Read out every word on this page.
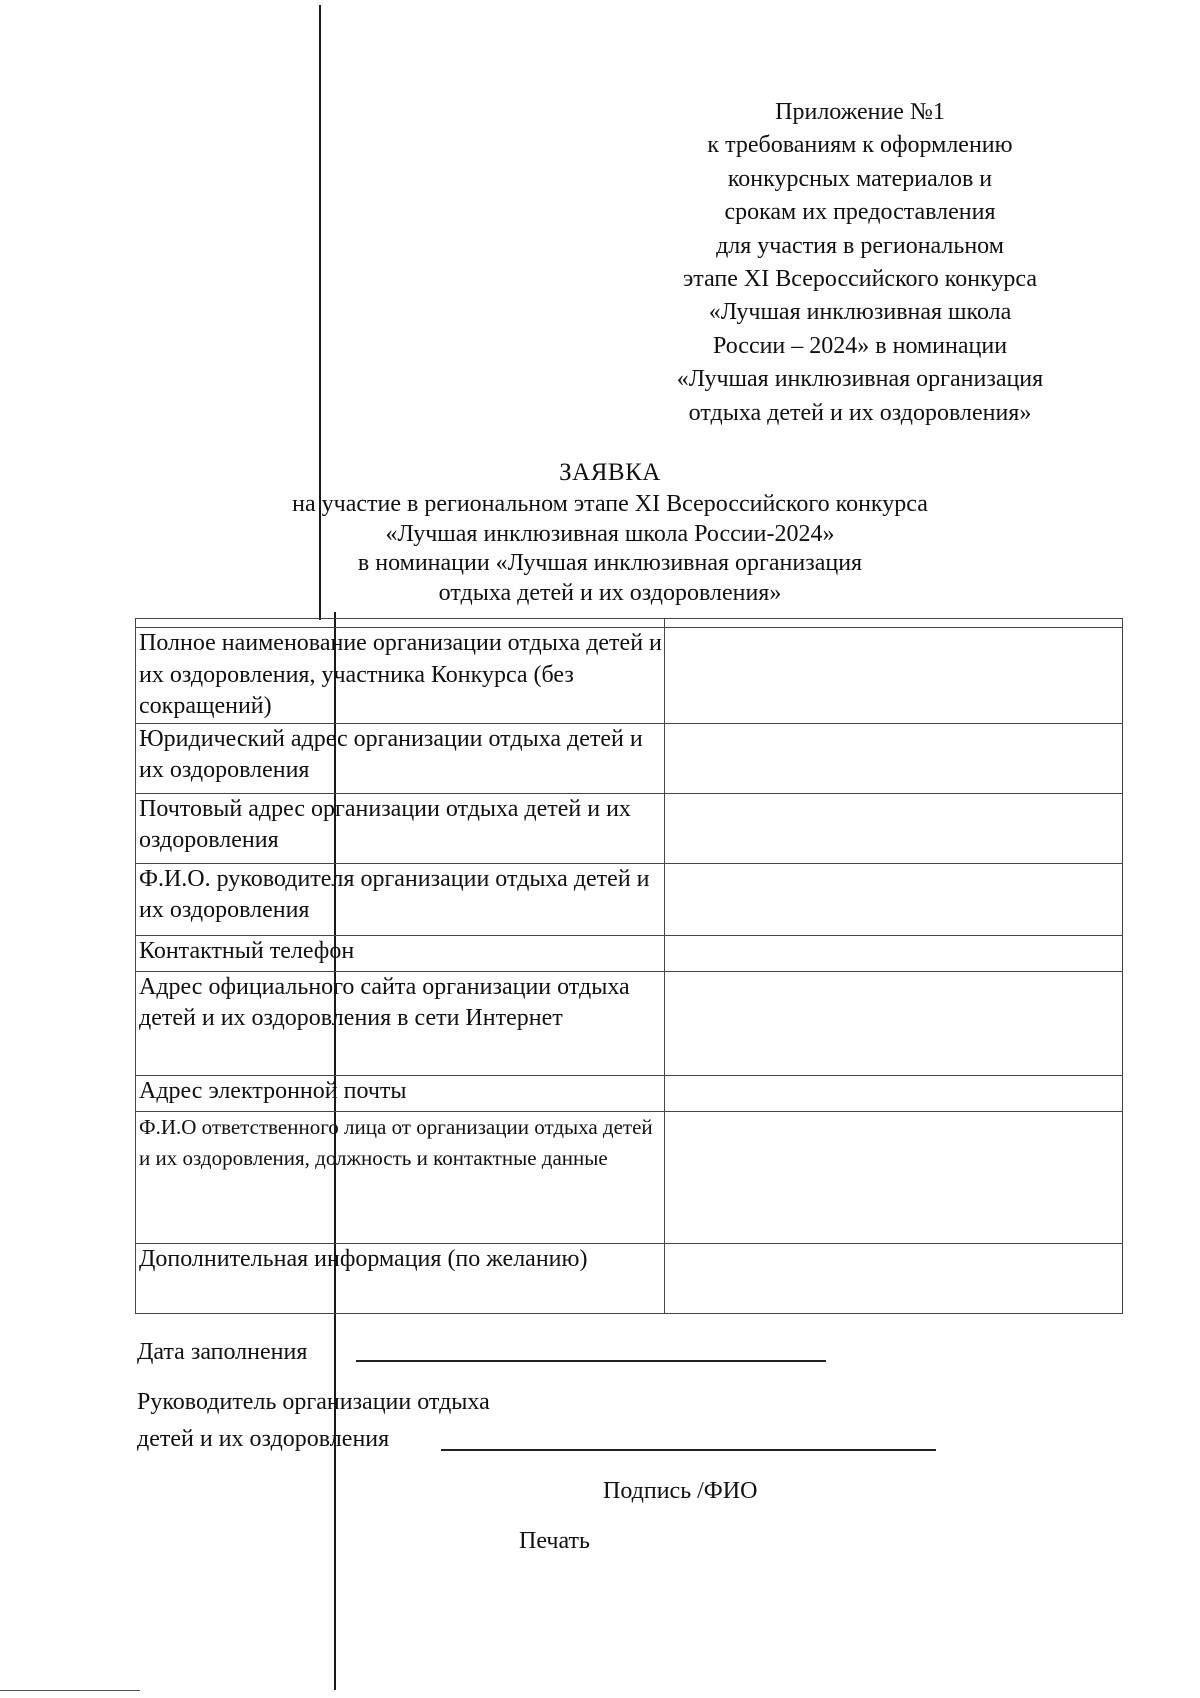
Приложение №1
к требованиям к оформлению
конкурсных материалов и
срокам их предоставления
для участия в региональном
этапе XI Всероссийского конкурса
«Лучшая инклюзивная школа
России – 2024» в номинации
«Лучшая инклюзивная организация
отдыха детей и их оздоровления»
ЗАЯВКА
на участие в региональном этапе XI Всероссийского конкурса
«Лучшая инклюзивная школа России-2024»
в номинации «Лучшая инклюзивная организация
отдыха детей и их оздоровления»

Полное наименование организации отдыха детей и их оздоровления, участника Конкурса (без сокращений)	
Юридический адрес организации отдыха детей и их оздоровления	
Почтовый адрес организации отдыха детей и их оздоровления	
Ф.И.О. руководителя организации отдыха детей и их оздоровления	
Контактный телефон	
Адрес официального сайта организации отдыха детей и их оздоровления в сети Интернет	
Адрес электронной почты	
Ф.И.О ответственного лица от организации отдыха детей и их оздоровления, должность и контактные данные	
Дополнительная информация (по желанию)	
Дата заполнения
Руководитель организации отдыха
детей и их оздоровления
Подпись /ФИО
Печать
